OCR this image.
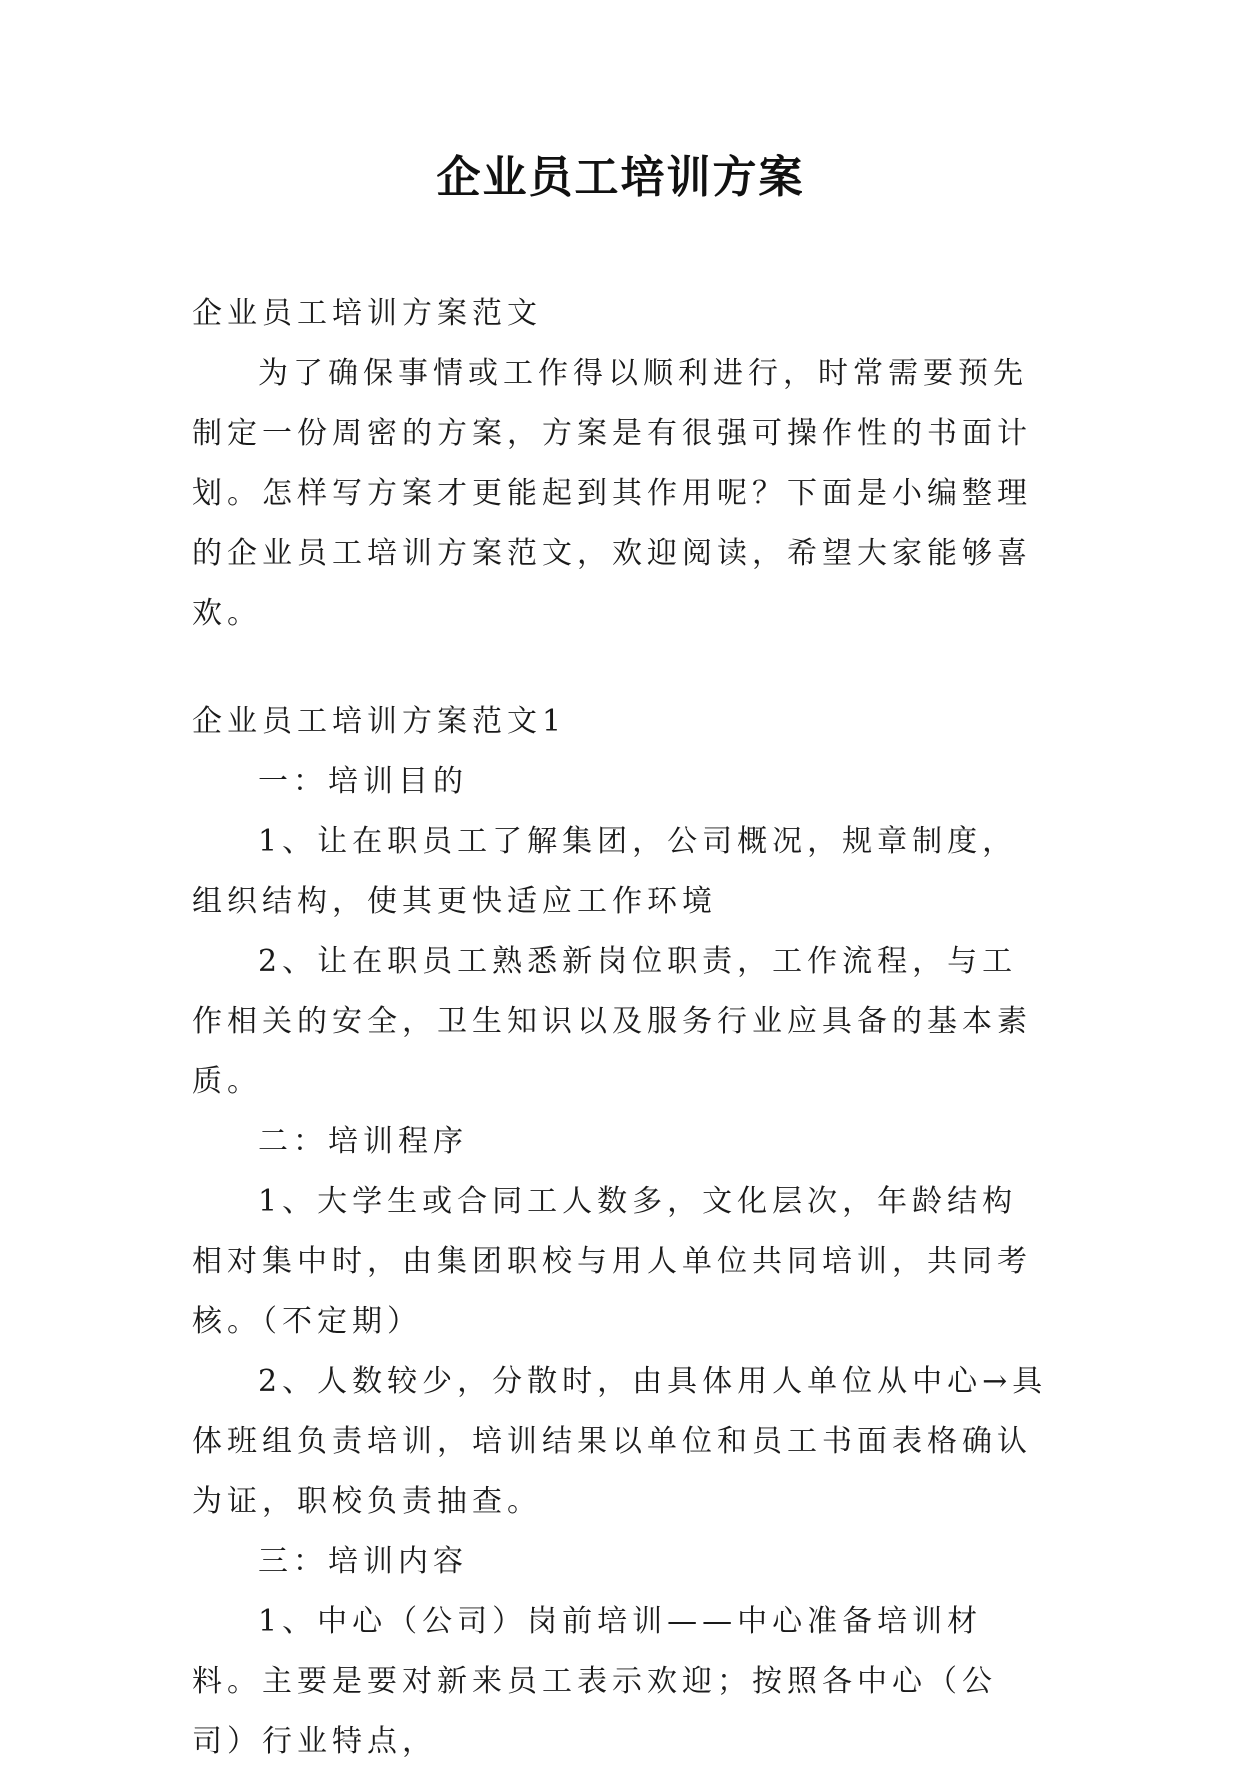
企业员工培训方案

企业员工培训方案范文

为了确保事情或工作得以顺利进行，时常需要预先制定一份周密的方案，方案是有很强可操作性的书面计划。怎样写方案才更能起到其作用呢？下面是小编整理的企业员工培训方案范文，欢迎阅读，希望大家能够喜欢。

企业员工培训方案范文1

一：培训目的

1、让在职员工了解集团，公司概况，规章制度，组织结构，使其更快适应工作环境

2、让在职员工熟悉新岗位职责，工作流程，与工作相关的安全，卫生知识以及服务行业应具备的基本素质。

二：培训程序

1、大学生或合同工人数多，文化层次，年龄结构相对集中时，由集团职校与用人单位共同培训，共同考核。（不定期）

2、人数较少，分散时，由具体用人单位从中心→具体班组负责培训，培训结果以单位和员工书面表格确认为证，职校负责抽查。

三：培训内容

1、中心（公司）岗前培训——中心准备培训材料。主要是要对新来员工表示欢迎；按照各中心（公司）行业特点，
